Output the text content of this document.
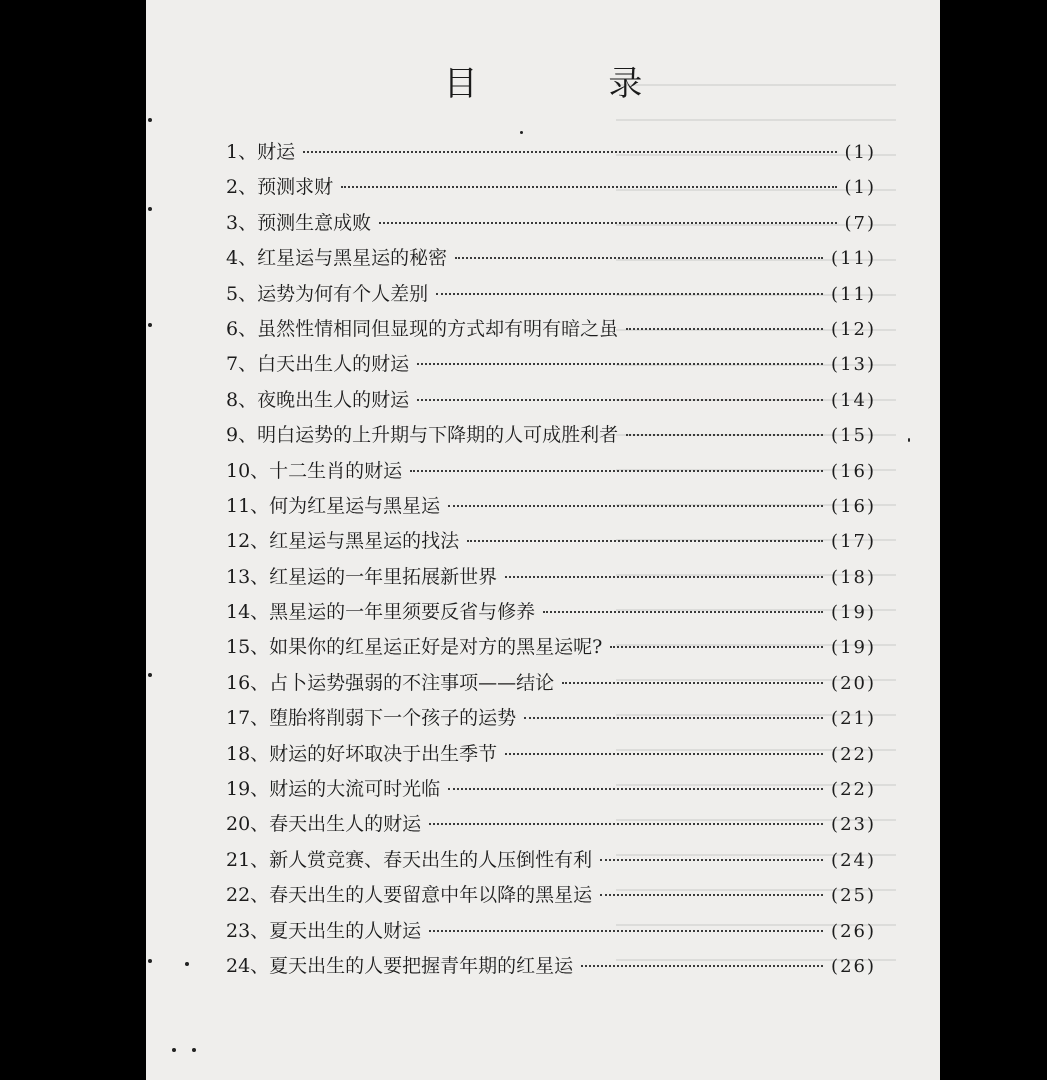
目 录
1、财运	(1)
2、预测求财	(1)
3、预测生意成败	(7)
4、红星运与黑星运的秘密	(11)
5、运势为何有个人差别	(11)
6、虽然性情相同但显现的方式却有明有暗之虽	(12)
7、白天出生人的财运	(13)
8、夜晚出生人的财运	(14)
9、明白运势的上升期与下降期的人可成胜利者	(15)
10、十二生肖的财运	(16)
11、何为红星运与黑星运	(16)
12、红星运与黑星运的找法	(17)
13、红星运的一年里拓展新世界	(18)
14、黑星运的一年里须要反省与修养	(19)
15、如果你的红星运正好是对方的黑星运呢?	(19)
16、占卜运势强弱的不注事项——结论	(20)
17、堕胎将削弱下一个孩子的运势	(21)
18、财运的好坏取决于出生季节	(22)
19、财运的大流可时光临	(22)
20、春天出生人的财运	(23)
21、新人赏竞赛、春天出生的人压倒性有利	(24)
22、春天出生的人要留意中年以降的黑星运	(25)
23、夏天出生的人财运	(26)
24、夏天出生的人要把握青年期的红星运	(26)
